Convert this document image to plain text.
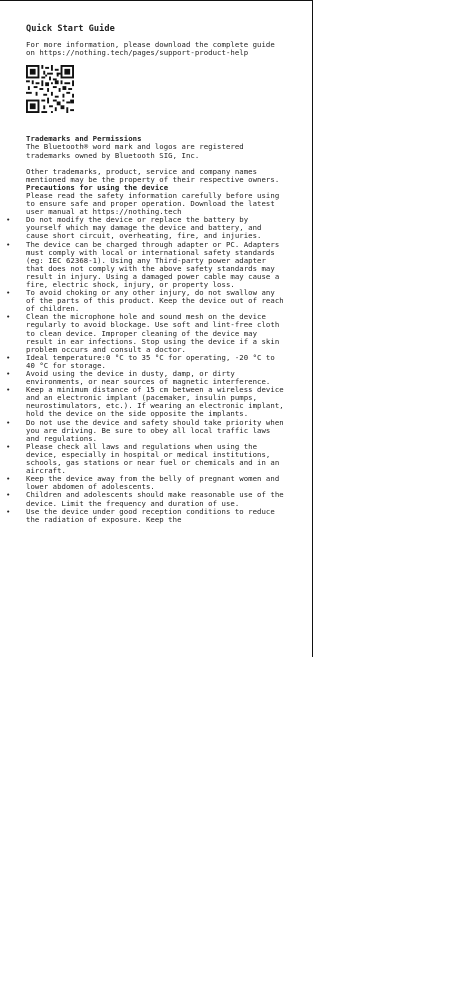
Quick Start Guide

For more information, please download the complete guide on https://nothing.tech/pages/support-product-help

Trademarks and Permissions

The Bluetooth® word mark and logos are registered trademarks owned by Bluetooth SIG, Inc.

Other trademarks, product, service and company names mentioned may be the property of their respective owners.

Precautions for using the device

Please read the safety information carefully before using to ensure safe and proper operation. Download the latest user manual at https://nothing.tech

• Do not modify the device or replace the battery by yourself which may damage the device and battery, and cause short circuit, overheating, fire, and injuries.
• The device can be charged through adapter or PC. Adapters must comply with local or international safety standards (eg: IEC 62368-1). Using any Third-party power adapter that does not comply with the above safety standards may result in injury. Using a damaged power cable may cause a fire, electric shock, injury, or property loss.
• To avoid choking or any other injury, do not swallow any of the parts of this product. Keep the device out of reach of children.
• Clean the microphone hole and sound mesh on the device regularly to avoid blockage. Use soft and lint-free cloth to clean device. Improper cleaning of the device may result in ear infections. Stop using the device if a skin problem occurs and consult a doctor.
• Ideal temperature:0 °C to 35 °C for operating, -20 °C to 40 °C for storage.
• Avoid using the device in dusty, damp, or dirty environments, or near sources of magnetic interference.
• Keep a minimum distance of 15 cm between a wireless device and an electronic implant (pacemaker, insulin pumps, neurostimulators, etc.). If wearing an electronic implant, hold the device on the side opposite the implants.
• Do not use the device and safety should take priority when you are driving. Be sure to obey all local traffic laws and regulations.
• Please check all laws and regulations when using the device, especially in hospital or medical institutions, schools, gas stations or near fuel or chemicals and in an aircraft.
• Keep the device away from the belly of pregnant women and lower abdomen of adolescents.
• Children and adolescents should make reasonable use of the device. Limit the frequency and duration of use.
• Use the device under good reception conditions to reduce the radiation of exposure. Keep the
